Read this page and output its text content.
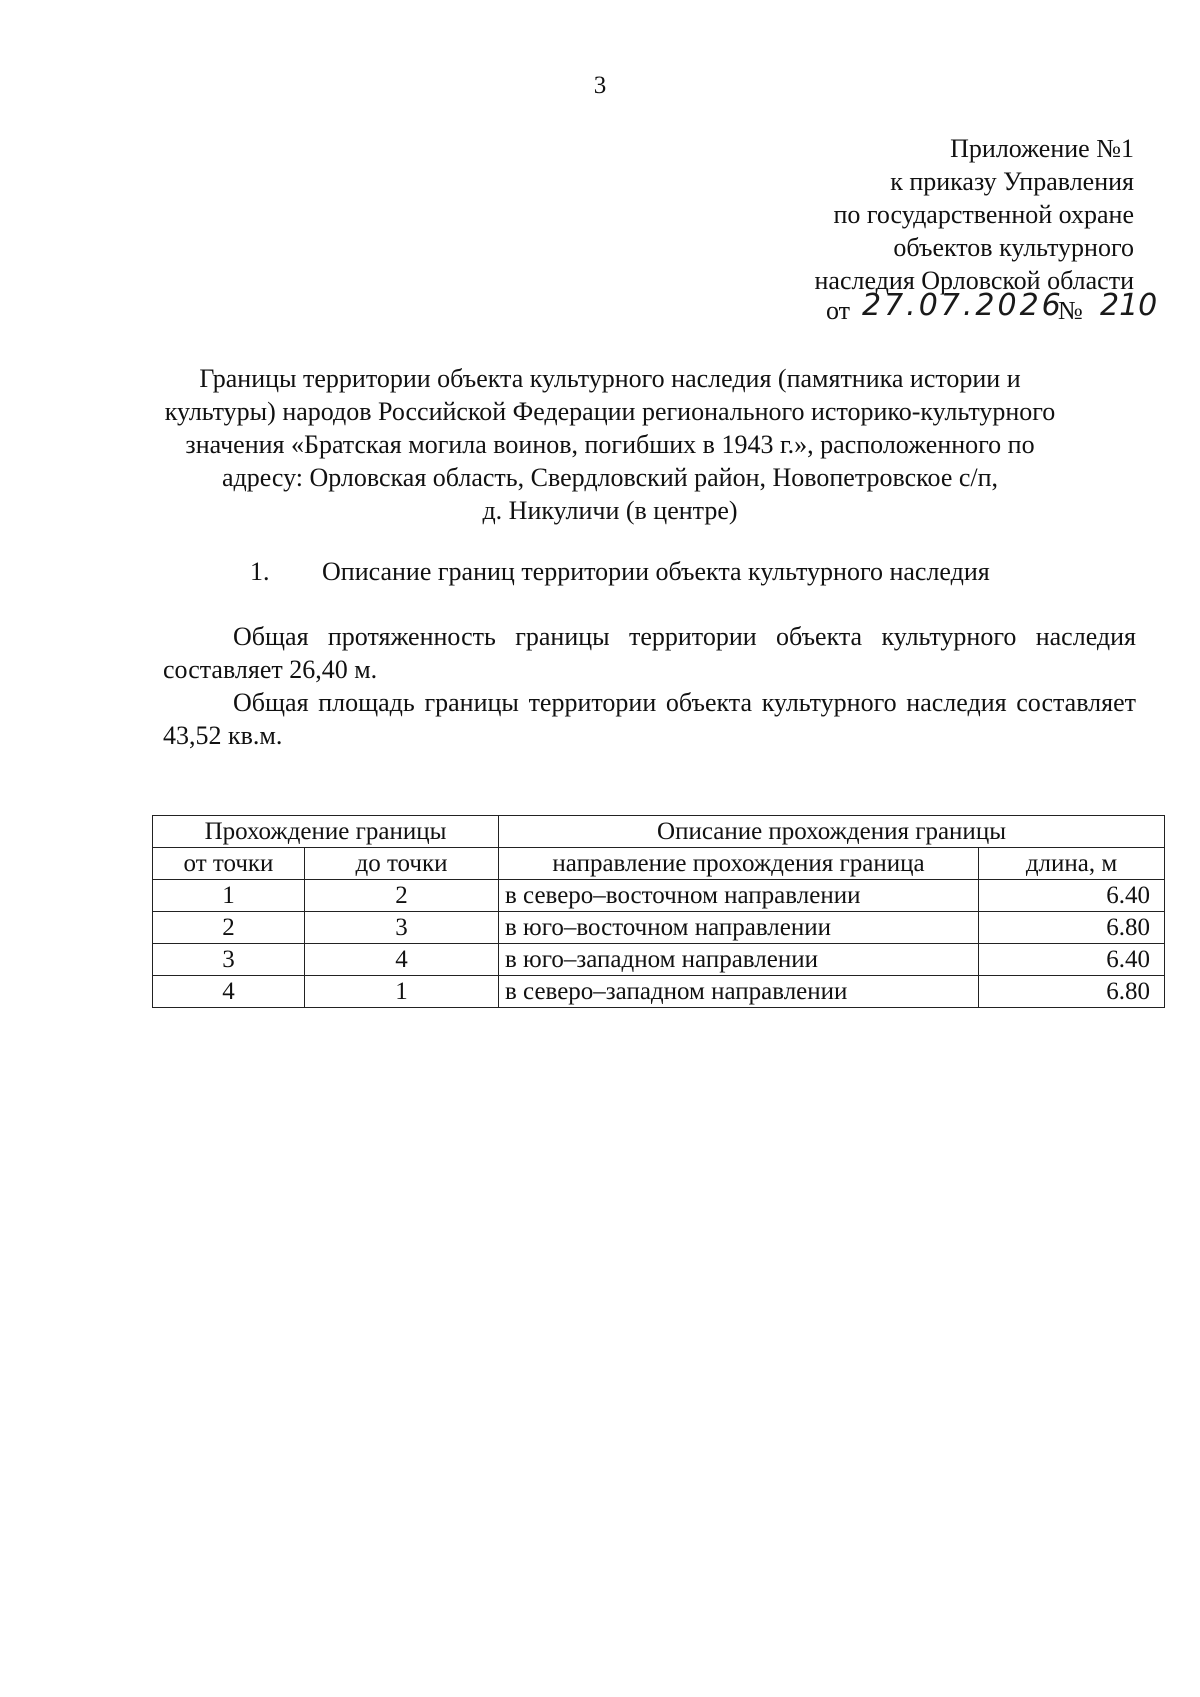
3
Приложение №1
к приказу Управления
по государственной охране
объектов культурного
наследия Орловской области
от 27.07.2026
№ 210
Границы территории объекта культурного наследия (памятника истории и
культуры) народов Российской Федерации регионального историко-культурного
значения «Братская могила воинов, погибших в 1943 г.», расположенного по
адресу: Орловская область, Свердловский район, Новопетровское с/п,
д. Никуличи (в центре)
1. Описание границ территории объекта культурного наследия
Общая протяженность границы территории объекта культурного наследия составляет 26,40 м.
Общая площадь границы территории объекта культурного наследия составляет 43,52 кв.м.
Прохождение границы		Описание прохождения границы	
от точки	до точки	направление прохождения граница	длина, м
1	2	в северо–восточном направлении	6.40
2	3	в юго–восточном направлении	6.80
3	4	в юго–западном направлении	6.40
4	1	в северо–западном направлении	6.80
